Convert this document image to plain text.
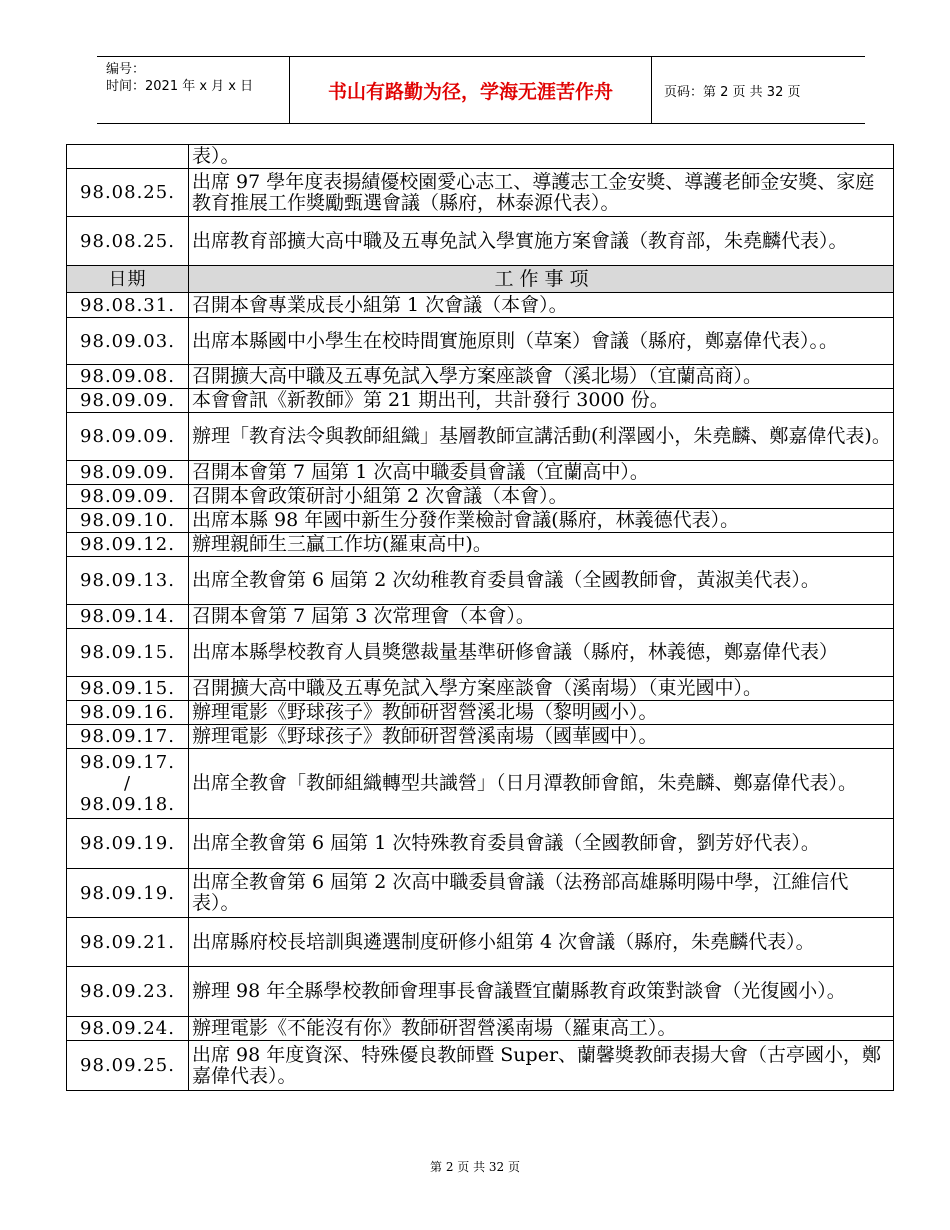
编号：
时间：2021 年 x 月 x 日	书山有路勤为径，学海无涯苦作舟	页码：第 2 页 共 32 页
	表）。
98.08.25.	出席 97 學年度表揚績優校園愛心志工、導護志工金安獎、導護老師金安獎、家庭教育推展工作獎勵甄選會議（縣府，林泰源代表）。
98.08.25.	出席教育部擴大高中職及五專免試入學實施方案會議（教育部，朱堯麟代表）。
日期	工 作 事 项
98.08.31.	召開本會專業成長小組第 1 次會議（本會）。
98.09.03.	出席本縣國中小學生在校時間實施原則（草案）會議（縣府，鄭嘉偉代表）。。
98.09.08.	召開擴大高中職及五專免試入學方案座談會（溪北場）（宜蘭高商）。
98.09.09.	本會會訊《新教師》第 21 期出刊，共計發行 3000 份。
98.09.09.	辦理「教育法令與教師組織」基層教師宣講活動(利澤國小，朱堯麟、鄭嘉偉代表)。
98.09.09.	召開本會第 7 屆第 1 次高中職委員會議（宜蘭高中）。
98.09.09.	召開本會政策研討小組第 2 次會議（本會）。
98.09.10.	出席本縣 98 年國中新生分發作業檢討會議(縣府，林義德代表）。
98.09.12.	辦理親師生三贏工作坊(羅東高中)。
98.09.13.	出席全教會第 6 屆第 2 次幼稚教育委員會議（全國教師會，黃淑美代表）。
98.09.14.	召開本會第 7 屆第 3 次常理會（本會）。
98.09.15.	出席本縣學校教育人員獎懲裁量基準研修會議（縣府，林義德，鄭嘉偉代表）
98.09.15.	召開擴大高中職及五專免試入學方案座談會（溪南場）（東光國中）。
98.09.16.	辦理電影《野球孩子》教師研習營溪北場（黎明國小）。
98.09.17.	辦理電影《野球孩子》教師研習營溪南場（國華國中）。
98.09.17.
/
98.09.18.	出席全教會「教師組織轉型共識營」（日月潭教師會館，朱堯麟、鄭嘉偉代表）。
98.09.19.	出席全教會第 6 屆第 1 次特殊教育委員會議（全國教師會，劉芳妤代表）。
98.09.19.	出席全教會第 6 屆第 2 次高中職委員會議（法務部高雄縣明陽中學，江維信代表）。
98.09.21.	出席縣府校長培訓與遴選制度研修小組第 4 次會議（縣府，朱堯麟代表）。
98.09.23.	辦理 98 年全縣學校教師會理事長會議暨宜蘭縣教育政策對談會（光復國小）。
98.09.24.	辦理電影《不能沒有你》教師研習營溪南場（羅東高工）。
98.09.25.	出席 98 年度資深、特殊優良教師暨 Super、蘭馨獎教師表揚大會（古亭國小，鄭嘉偉代表）。
第 2 页 共 32 页
